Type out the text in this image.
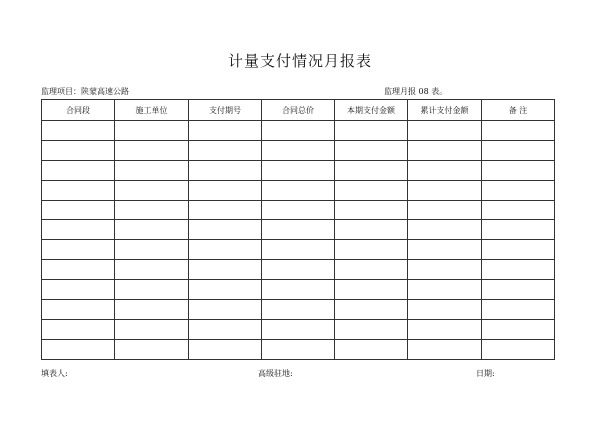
计量支付情况月报表
监理项目：陕蒙高速公路	监理月报 08 表。
合同段	施工单位	支付期号	合同总价	本期支付金额	累计支付金额	备 注

填表人:	高级驻地:	日期:
